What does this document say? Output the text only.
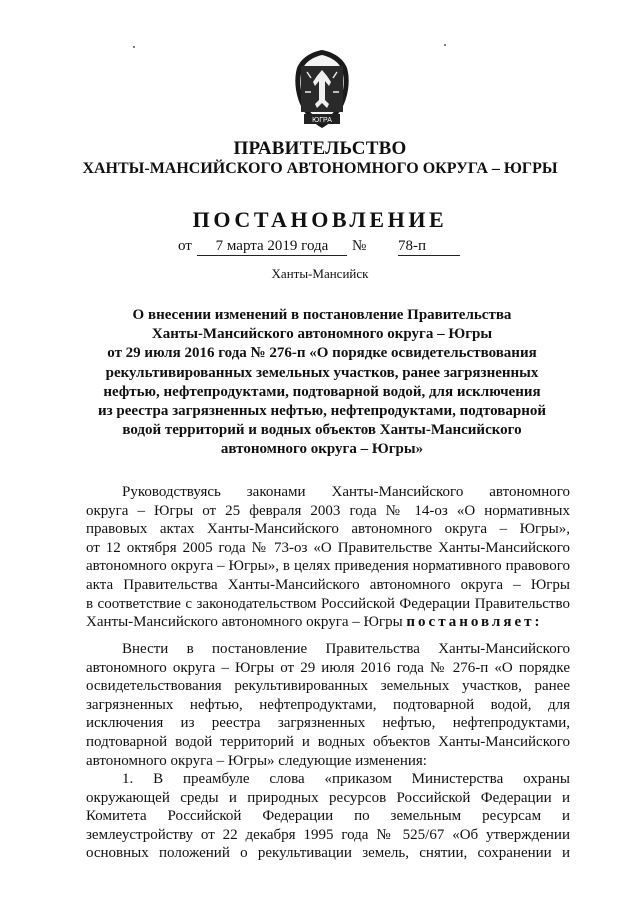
ЮГРА
ПРАВИТЕЛЬСТВО
ХАНТЫ-МАНСИЙСКОГО АВТОНОМНОГО ОКРУГА – ЮГРЫ
ПОСТАНОВЛЕНИЕ
от	7 марта 2019 года	№ 78-п
Ханты-Мансийск
О внесении изменений в постановление Правительства
Ханты-Мансийского автономного округа – Югры
от 29 июля 2016 года № 276-п «О порядке освидетельствования
рекультивированных земельных участков, ранее загрязненных
нефтью, нефтепродуктами, подтоварной водой, для исключения
из реестра загрязненных нефтью, нефтепродуктами, подтоварной
водой территорий и водных объектов Ханты-Мансийского
автономного округа – Югры»
Руководствуясь законами Ханты-Мансийского автономного
округа – Югры от 25 февраля 2003 года № 14-оз «О нормативных
правовых актах Ханты-Мансийского автономного округа – Югры»,
от 12 октября 2005 года № 73-оз «О Правительстве Ханты-Мансийского
автономного округа – Югры», в целях приведения нормативного правового
акта Правительства Ханты-Мансийского автономного округа – Югры
в соответствие с законодательством Российской Федерации Правительство
Ханты-Мансийского автономного округа – Югры постановляет:
Внести в постановление Правительства Ханты-Мансийского
автономного округа – Югры от 29 июля 2016 года № 276-п «О порядке
освидетельствования рекультивированных земельных участков, ранее
загрязненных нефтью, нефтепродуктами, подтоварной водой, для
исключения из реестра загрязненных нефтью, нефтепродуктами,
подтоварной водой территорий и водных объектов Ханты-Мансийского
автономного округа – Югры» следующие изменения:
1. В преамбуле слова «приказом Министерства охраны
окружающей среды и природных ресурсов Российской Федерации и
Комитета Российской Федерации по земельным ресурсам и
землеустройству от 22 декабря 1995 года № 525/67 «Об утверждении
основных положений о рекультивации земель, снятии, сохранении и
